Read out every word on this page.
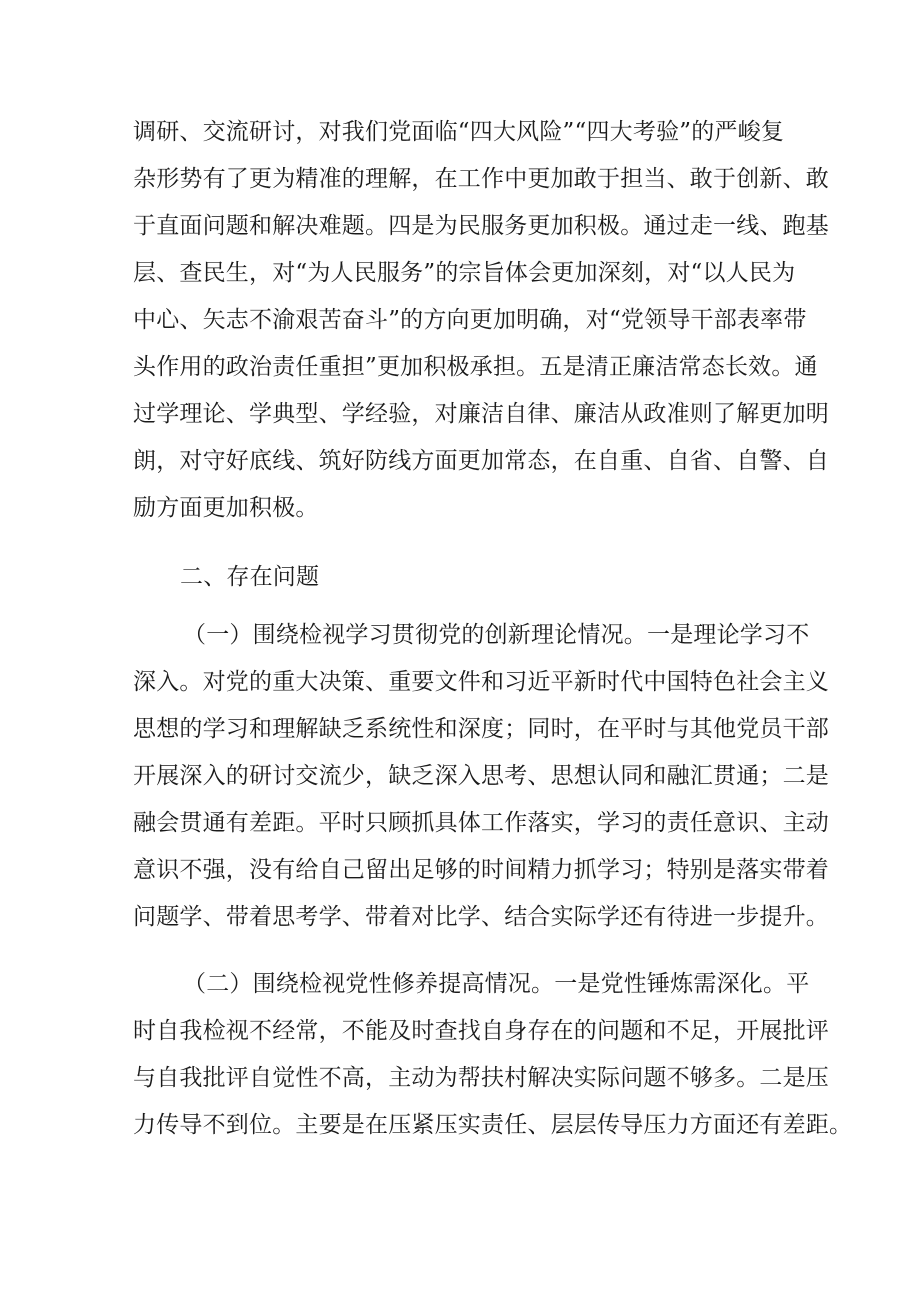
调研、交流研讨，对我们党面临“四大风险”“四大考验”的严峻复
杂形势有了更为精准的理解，在工作中更加敢于担当、敢于创新、敢
于直面问题和解决难题。四是为民服务更加积极。通过走一线、跑基
层、查民生，对“为人民服务”的宗旨体会更加深刻，对“以人民为
中心、矢志不渝艰苦奋斗”的方向更加明确，对“党领导干部表率带
头作用的政治责任重担”更加积极承担。五是清正廉洁常态长效。通
过学理论、学典型、学经验，对廉洁自律、廉洁从政准则了解更加明
朗，对守好底线、筑好防线方面更加常态，在自重、自省、自警、自
励方面更加积极。
二、存在问题
（一）围绕检视学习贯彻党的创新理论情况。一是理论学习不
深入。对党的重大决策、重要文件和习近平新时代中国特色社会主义
思想的学习和理解缺乏系统性和深度；同时，在平时与其他党员干部
开展深入的研讨交流少，缺乏深入思考、思想认同和融汇贯通；二是
融会贯通有差距。平时只顾抓具体工作落实，学习的责任意识、主动
意识不强，没有给自己留出足够的时间精力抓学习；特别是落实带着
问题学、带着思考学、带着对比学、结合实际学还有待进一步提升。
（二）围绕检视党性修养提高情况。一是党性锤炼需深化。平
时自我检视不经常，不能及时查找自身存在的问题和不足，开展批评
与自我批评自觉性不高，主动为帮扶村解决实际问题不够多。二是压
力传导不到位。主要是在压紧压实责任、层层传导压力方面还有差距。
